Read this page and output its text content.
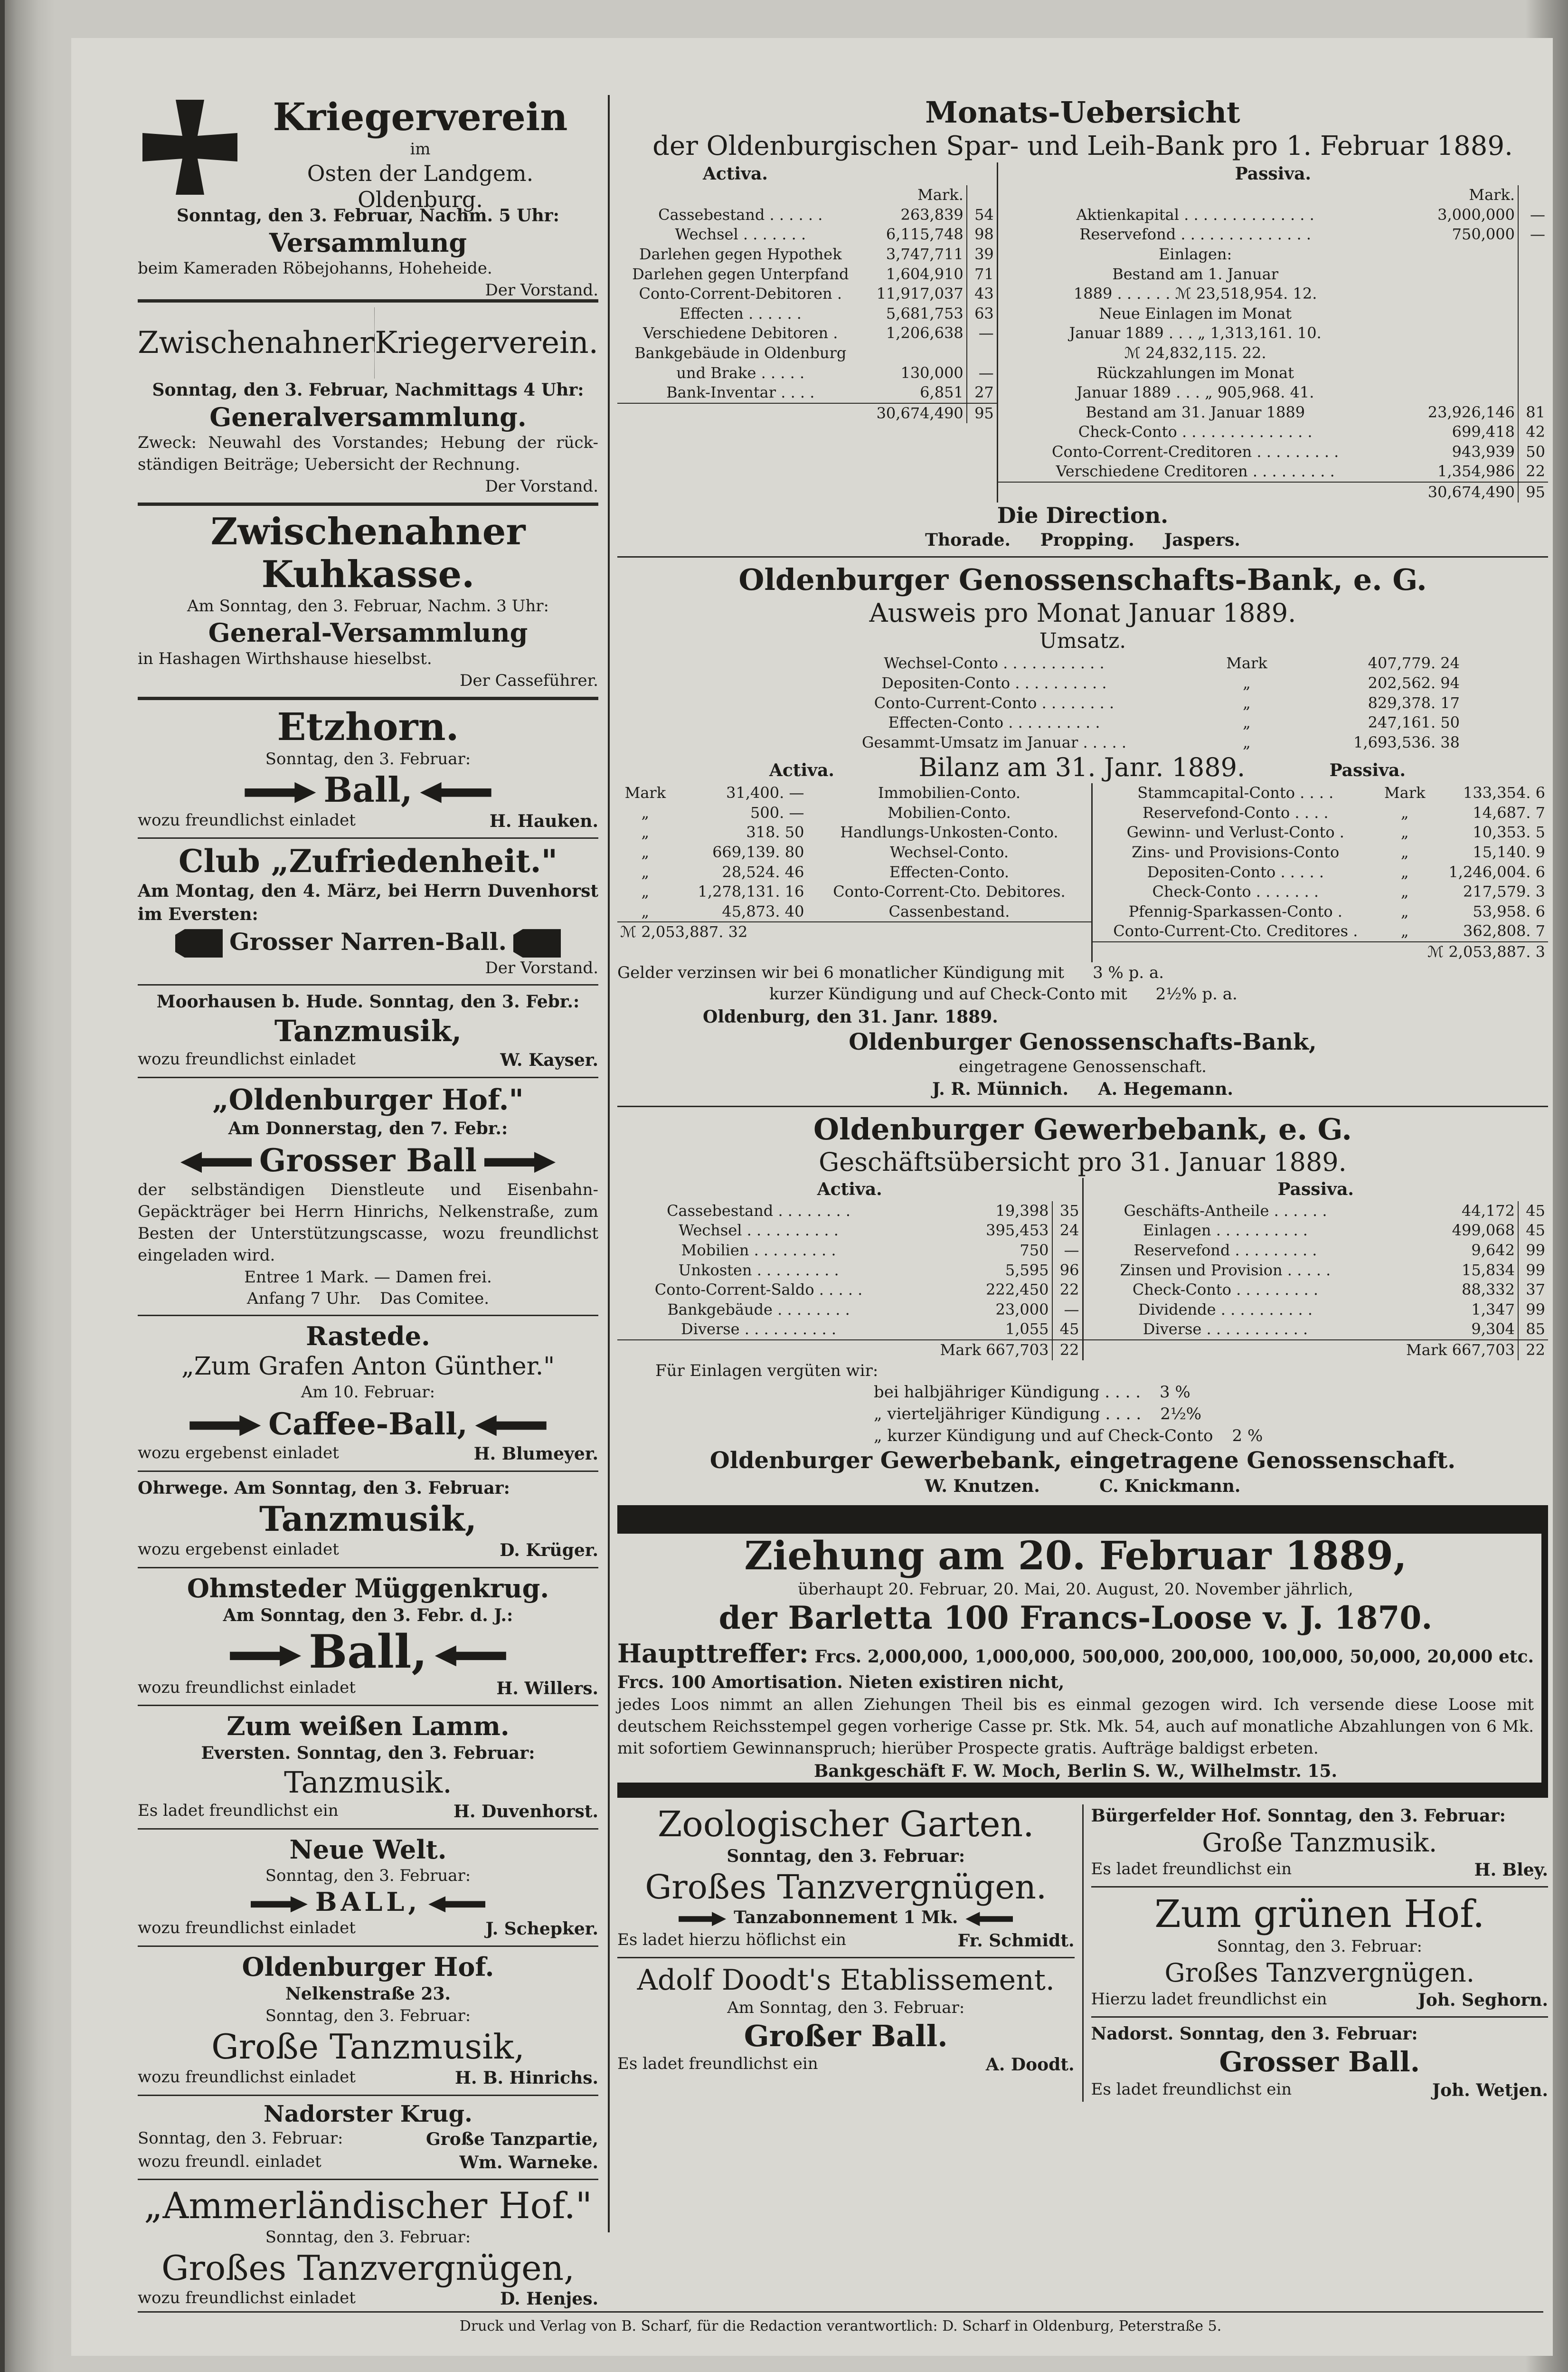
Kriegerverein
im
Osten der Landgem. Oldenburg.
Sonntag, den 3. Februar, Nachm. 5 Uhr:
Versammlung
beim Kameraden Röbejohanns, Hoheheide.
Der Vorstand.
Zwischenahner Kriegerverein.
Sonntag, den 3. Februar, Nachmittags 4 Uhr:
Generalversammlung.
Zweck: Neuwahl des Vorstandes; Hebung der rück-ständigen Beiträge; Uebersicht der Rechnung.
Der Vorstand.
Zwischenahner Kuhkasse.
Am Sonntag, den 3. Februar, Nachm. 3 Uhr:
General-Versammlung
in Hashagen Wirthshause hieselbst.
Der Casseführer.
Etzhorn.
Sonntag, den 3. Februar:
Ball,
wozu freundlichst einladet	H. Hauken.
Club „Zufriedenheit."
Am Montag, den 4. März, bei Herrn Duvenhorst im Eversten:
Grosser Narren-Ball.
Der Vorstand.
Moorhausen b. Hude. Sonntag, den 3. Febr.:
Tanzmusik,
wozu freundlichst einladet	W. Kayser.
„Oldenburger Hof."
Am Donnerstag, den 7. Febr.:
Grosser Ball
der selbständigen Dienstleute und Eisenbahn-Gepäckträger bei Herrn Hinrichs, Nelkenstraße, zum Besten der Unterstützungscasse, wozu freundlichst eingeladen wird.
Entree 1 Mark. — Damen frei.
Anfang 7 Uhr. Das Comitee.
Rastede.
„Zum Grafen Anton Günther."
Am 10. Februar:
Caffee-Ball,
wozu ergebenst einladet	H. Blumeyer.
Ohrwege. Am Sonntag, den 3. Februar:
Tanzmusik,
wozu ergebenst einladet	D. Krüger.
Ohmsteder Müggenkrug.
Am Sonntag, den 3. Febr. d. J.:
Ball,
wozu freundlichst einladet	H. Willers.
Zum weißen Lamm.
Eversten. Sonntag, den 3. Februar:
Tanzmusik.
Es ladet freundlichst ein	H. Duvenhorst.
Neue Welt.
Sonntag, den 3. Februar:
BALL,
wozu freundlichst einladet	J. Schepker.
Oldenburger Hof.
Nelkenstraße 23.
Sonntag, den 3. Februar:
Große Tanzmusik,
wozu freundlichst einladet	H. B. Hinrichs.
Nadorster Krug.
Sonntag, den 3. Februar:	Große Tanzpartie,
wozu freundl. einladet	Wm. Warneke.
„Ammerländischer Hof."
Sonntag, den 3. Februar:
Großes Tanzvergnügen,
wozu freundlichst einladet	D. Henjes.
Monats-Uebersicht
der Oldenburgischen Spar- und Leih-Bank pro 1. Februar 1889.
Activa.
	Mark.	
Cassebestand . . . . . .	263,839	54
Wechsel . . . . . . .	6,115,748	98
Darlehen gegen Hypothek	3,747,711	39
Darlehen gegen Unterpfand	1,604,910	71
Conto-Corrent-Debitoren .	11,917,037	43
Effecten . . . . . .	5,681,753	63
Verschiedene Debitoren .	1,206,638	—
Bankgebäude in Oldenburg		
und Brake . . . . .	130,000	—
Bank-Inventar . . . .	6,851	27
	30,674,490	95
Passiva.
	Mark.	
Aktienkapital . . . . . . . . . . . . . .	3,000,000	—
Reservefond . . . . . . . . . . . . . .	750,000	—
Einlagen:		
Bestand am 1. Januar		
1889 . . . . . . ℳ 23,518,954. 12.		
Neue Einlagen im Monat		
Januar 1889 . . . „ 1,313,161. 10.		
ℳ 24,832,115. 22.		
Rückzahlungen im Monat		
Januar 1889 . . . „ 905,968. 41.		
Bestand am 31. Januar 1889	23,926,146	81
Check-Conto . . . . . . . . . . . . . .	699,418	42
Conto-Corrent-Creditoren . . . . . . . . .	943,939	50
Verschiedene Creditoren . . . . . . . . .	1,354,986	22
	30,674,490	95
Die Direction.
Thorade.     Propping.     Jaspers.
Oldenburger Genossenschafts-Bank, e. G.
Ausweis pro Monat Januar 1889.
Umsatz.
Wechsel-Conto . . . . . . . . . . .	Mark	407,779. 24
Depositen-Conto . . . . . . . . . .	„	202,562. 94
Conto-Current-Conto . . . . . . . .	„	829,378. 17
Effecten-Conto . . . . . . . . . .	„	247,161. 50
Gesammt-Umsatz im Januar . . . . .	„	1,693,536. 38
Activa.	Bilanz am 31. Janr. 1889.	Passiva.
Mark	31,400. —	Immobilien-Conto.
„	500. —	Mobilien-Conto.
„	318. 50	Handlungs-Unkosten-Conto.
„	669,139. 80	Wechsel-Conto.
„	28,524. 46	Effecten-Conto.
„	1,278,131. 16	Conto-Corrent-Cto. Debitores.
„	45,873. 40	Cassenbestand.
ℳ 2,053,887. 32		
Stammcapital-Conto . . . .	Mark	133,354. 6
Reservefond-Conto . . . .	„	14,687. 7
Gewinn- und Verlust-Conto .	„	10,353. 5
Zins- und Provisions-Conto	„	15,140. 9
Depositen-Conto . . . . .	„	1,246,004. 6
Check-Conto . . . . . . .	„	217,579. 3
Pfennig-Sparkassen-Conto .	„	53,958. 6
Conto-Current-Cto. Creditores .	„	362,808. 7
	ℳ 2,053,887. 3	
Gelder verzinsen wir bei 6 monatlicher Kündigung mit 3 % p. a.
kurzer Kündigung und auf Check-Conto mit 2½% p. a.
Oldenburg, den 31. Janr. 1889.
Oldenburger Genossenschafts-Bank,
eingetragene Genossenschaft.
J. R. Münnich.     A. Hegemann.
Oldenburger Gewerbebank, e. G.
Geschäftsübersicht pro 31. Januar 1889.
Activa.
Cassebestand . . . . . . . .	19,398	35
Wechsel . . . . . . . . . .	395,453	24
Mobilien . . . . . . . . .	750	—
Unkosten . . . . . . . . .	5,595	96
Conto-Corrent-Saldo . . . . .	222,450	22
Bankgebäude . . . . . . . .	23,000	—
Diverse . . . . . . . . . .	1,055	45
	Mark 667,703	22
Passiva.
Geschäfts-Antheile . . . . . .	44,172	45
Einlagen . . . . . . . . . .	499,068	45
Reservefond . . . . . . . . .	9,642	99
Zinsen und Provision . . . . .	15,834	99
Check-Conto . . . . . . . . .	88,332	37
Dividende . . . . . . . . . .	1,347	99
Diverse . . . . . . . . . . .	9,304	85
	Mark 667,703	22
Für Einlagen vergüten wir:
bei halbjähriger Kündigung . . . . 3 %
„ vierteljähriger Kündigung . . . . 2½%
„ kurzer Kündigung und auf Check-Conto 2 %
Oldenburger Gewerbebank, eingetragene Genossenschaft.
W. Knutzen.          C. Knickmann.
Ziehung am 20. Februar 1889,
überhaupt 20. Februar, 20. Mai, 20. August, 20. November jährlich,
der Barletta 100 Francs-Loose v. J. 1870.
Haupttreffer: Frcs. 2,000,000, 1,000,000, 500,000, 200,000, 100,000, 50,000, 20,000 etc. Frcs. 100 Amortisation. Nieten existiren nicht,
jedes Loos nimmt an allen Ziehungen Theil bis es einmal gezogen wird. Ich versende diese Loose mit deutschem Reichsstempel gegen vorherige Casse pr. Stk. Mk. 54, auch auf monatliche Abzahlungen von 6 Mk. mit sofortiem Gewinnanspruch; hierüber Prospecte gratis. Aufträge baldigst erbeten.
Bankgeschäft F. W. Moch, Berlin S. W., Wilhelmstr. 15.
Zoologischer Garten.
Sonntag, den 3. Februar:
Großes Tanzvergnügen.
Tanzabonnement 1 Mk.
Es ladet hierzu höflichst ein	Fr. Schmidt.
Adolf Doodt's Etablissement.
Am Sonntag, den 3. Februar:
Großer Ball.
Es ladet freundlichst ein	A. Doodt.
Bürgerfelder Hof. Sonntag, den 3. Februar:
Große Tanzmusik.
Es ladet freundlichst ein	H. Bley.
Zum grünen Hof.
Sonntag, den 3. Februar:
Großes Tanzvergnügen.
Hierzu ladet freundlichst ein	Joh. Seghorn.
Nadorst. Sonntag, den 3. Februar:
Grosser Ball.
Es ladet freundlichst ein	Joh. Wetjen.
Druck und Verlag von B. Scharf, für die Redaction verantwortlich: D. Scharf in Oldenburg, Peterstraße 5.
